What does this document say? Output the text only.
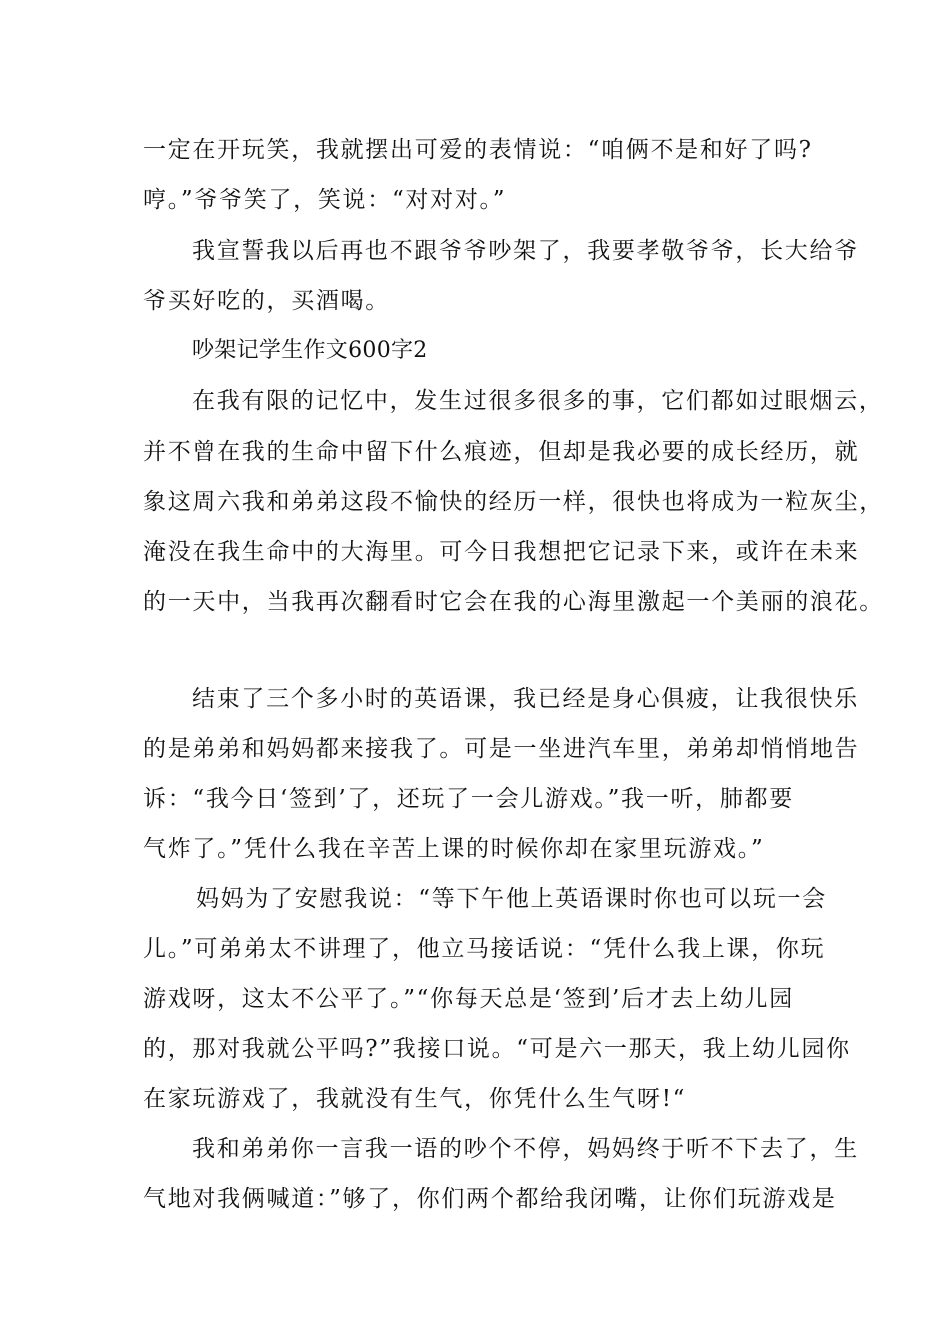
一定在开玩笑，我就摆出可爱的表情说：“咱俩不是和好了吗?
哼。”爷爷笑了，笑说：“对对对。”
我宣誓我以后再也不跟爷爷吵架了，我要孝敬爷爷，长大给爷
爷买好吃的，买酒喝。
吵架记学生作文600字2
在我有限的记忆中，发生过很多很多的事，它们都如过眼烟云，
并不曾在我的生命中留下什么痕迹，但却是我必要的成长经历，就
象这周六我和弟弟这段不愉快的经历一样，很快也将成为一粒灰尘，
淹没在我生命中的大海里。可今日我想把它记录下来，或许在未来
的一天中，当我再次翻看时它会在我的心海里激起一个美丽的浪花。
结束了三个多小时的英语课，我已经是身心俱疲，让我很快乐
的是弟弟和妈妈都来接我了。可是一坐进汽车里，弟弟却悄悄地告
诉：“我今日‘签到’了，还玩了一会儿游戏。”我一听，肺都要
气炸了。”凭什么我在辛苦上课的时候你却在家里玩游戏。”
妈妈为了安慰我说：“等下午他上英语课时你也可以玩一会
儿。”可弟弟太不讲理了，他立马接话说：“凭什么我上课，你玩
游戏呀，这太不公平了。”“你每天总是‘签到’后才去上幼儿园
的，那对我就公平吗?”我接口说。“可是六一那天，我上幼儿园你
在家玩游戏了，我就没有生气，你凭什么生气呀!“
我和弟弟你一言我一语的吵个不停，妈妈终于听不下去了，生
气地对我俩喊道：”够了，你们两个都给我闭嘴，让你们玩游戏是
